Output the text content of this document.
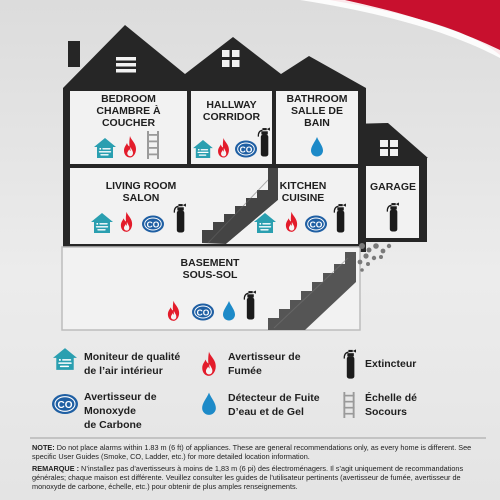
CO
CO	CO
CO
CO
BEDROOM
CHAMBRE À
COUCHER
HALLWAY
CORRIDOR
BATHROOM
SALLE DE
BAIN
LIVING ROOM
SALON
KITCHEN
CUISINE
GARAGE
BASEMENT
SOUS-SOL
Moniteur de qualité
de l’air intérieur
Avertisseur de
Fumée
Extincteur
Avertisseur de
Monoxyde
de Carbone
Détecteur de Fuite
D’eau et de Gel
Échelle dé
Socours
NOTE: Do not place alarms within 1.83 m (6 ft) of appliances. These are general recommendations only, as every home is different. See specific User Guides (Smoke, CO, Ladder, etc.) for more detailed location information.
REMARQUE : N’installez pas d’avertisseurs à moins de 1,83 m (6 pi) des électroménagers. Il s’agit uniquement de recommandations générales; chaque maison est différente. Veuillez consulter les guides de l’utilisateur pertinents (avertisseur de fumée, avertisseur de monoxyde de carbone, échelle, etc.) pour obtenir de plus amples renseignements.
